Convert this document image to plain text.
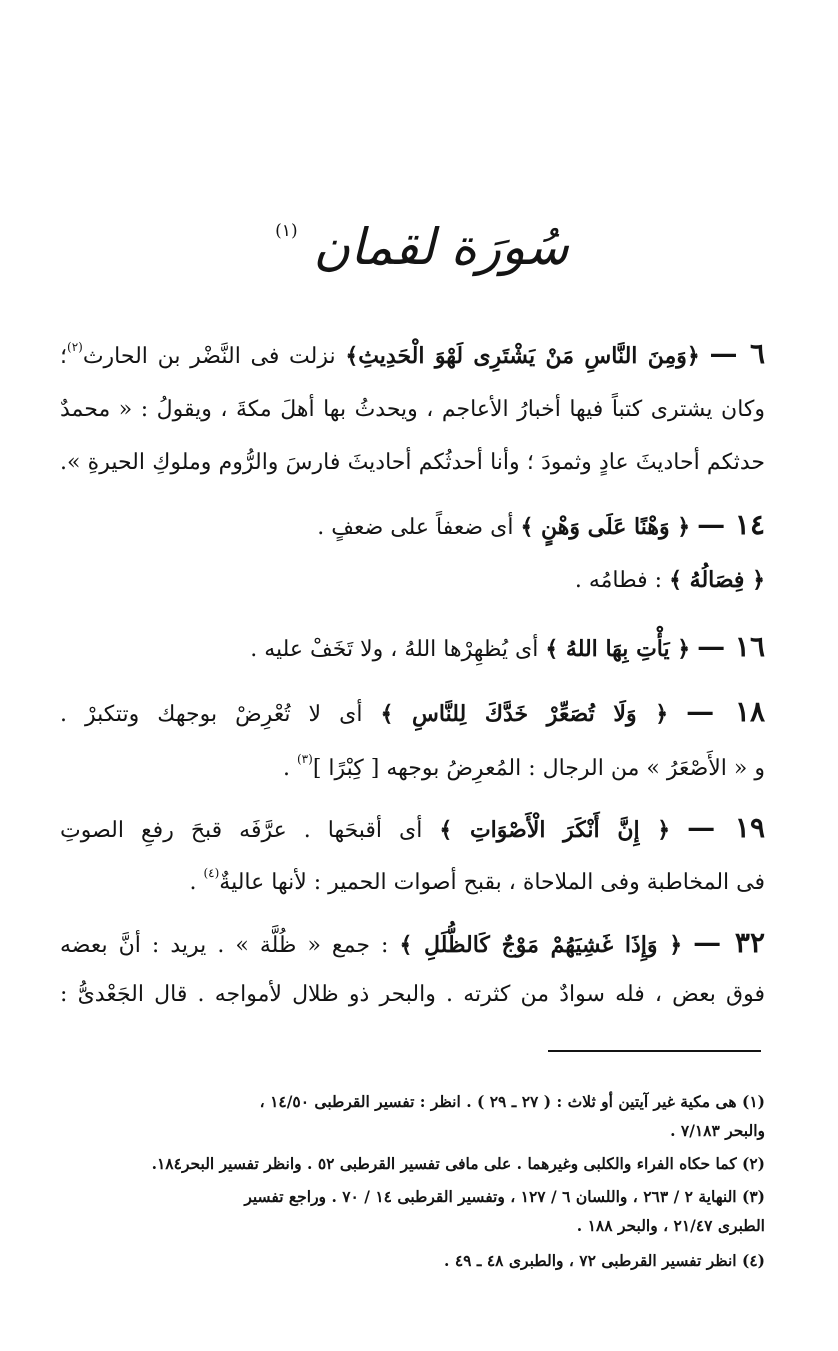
سُورَة لقمان $^{(١)}$
٦ — ﴿وَمِنَ النَّاسِ مَنْ يَشْتَرِى لَهْوَ الْحَدِيثِ﴾ نزلت فى النَّضْر بن الحارث$^{(٢)}$؛
وكان يشترى كتباً فيها أخبارُ الأعاجم ، ويحدثُ بها أهلَ مكةَ ، ويقولُ : « محمدٌ
حدثكم أحاديثَ عادٍ وثمودَ ؛ وأنا أحدثُكم أحاديثَ فارسَ والرُّوم وملوكِ الحيرةِ ».
١٤ — ﴿ وَهْنًا عَلَى وَهْنٍ ﴾ أى ضعفاً على ضعفٍ .
﴿ فِصَالُهُ ﴾ : فطامُه .
١٦ — ﴿ يَأْتِ بِهَا اللهُ ﴾ أى يُظهِرْها اللهُ ، ولا تَخَفْ عليه .
١٨ — ﴿ وَلَا تُصَعِّرْ خَدَّكَ لِلنَّاسِ ﴾ أى لا تُعْرِضْ بوجهك وتتكبرْ .
و « الأَصْعَرُ » من الرجال : المُعرِضُ بوجهه [ كِبْرًا ]$^{(٣)}$ .
١٩ — ﴿ إِنَّ أَنْكَرَ الْأَصْوَاتِ ﴾ أى أقبحَها . عرَّفَه قبحَ رفعِ الصوتِ
فى المخاطبة وفى الملاحاة ، بقبح أصوات الحمير : لأنها عاليةٌ$^{(٤)}$ .
٣٢ — ﴿ وَإِذَا غَشِيَهُمْ مَوْجٌ كَالظُّلَلِ ﴾ : جمع « ظُلَّة » . يريد : أنَّ بعضه
فوق بعض ، فله سوادٌ من كثرته . والبحر ذو ظلال لأمواجه . قال الجَعْدىُّ :
(١) هى مكية غير آيتين أو ثلاث : ( ٢٧ ـ ٢٩ ) . انظر : تفسير القرطبى ١٤/٥٠ ،
والبحر ٧/١٨٣ .
(٢) كما حكاه الفراء والكلبى وغيرهما . على مافى تفسير القرطبى ٥٢ . وانظر تفسير البحر١٨٤.
(٣) النهاية ٢ / ٢٦٣ ، واللسان ٦ / ١٢٧ ، وتفسير القرطبى ١٤ / ٧٠ . وراجع تفسير
الطبرى ٢١/٤٧ ، والبحر ١٨٨ .
(٤) انظر تفسير القرطبى ٧٢ ، والطبرى ٤٨ ـ ٤٩ .
